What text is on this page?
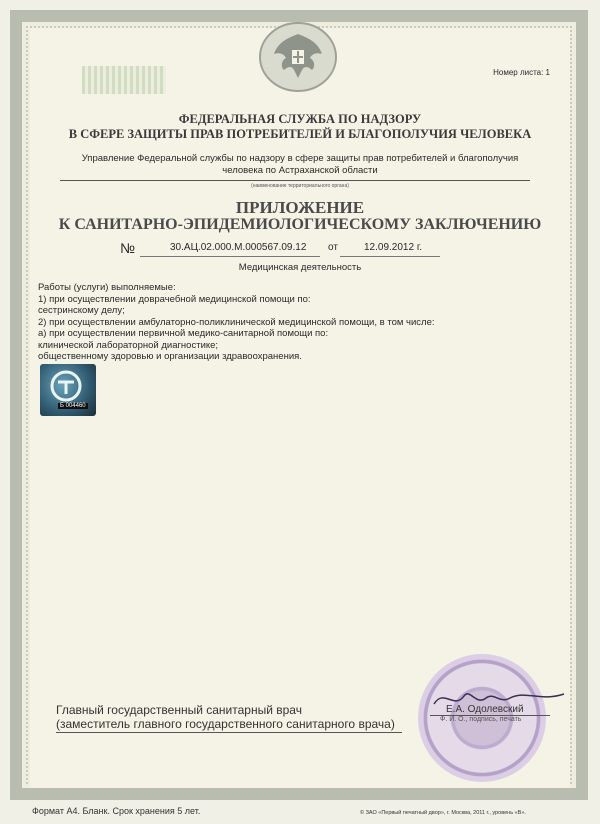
Номер листа: 1
ФЕДЕРАЛЬНАЯ СЛУЖБА ПО НАДЗОРУ
В СФЕРЕ ЗАЩИТЫ ПРАВ ПОТРЕБИТЕЛЕЙ И БЛАГОПОЛУЧИЯ ЧЕЛОВЕКА
Управление Федеральной службы по надзору в сфере защиты прав потребителей и благополучия
человека по Астраханской области
(наименование территориального органа)
ПРИЛОЖЕНИЕ
К САНИТАРНО-ЭПИДЕМИОЛОГИЧЕСКОМУ ЗАКЛЮЧЕНИЮ
№	30.АЦ.02.000.М.000567.09.12 от	12.09.2012 г.
Медицинская деятельность
Работы (услуги) выполняемые:
1) при осуществлении доврачебной медицинской помощи по:
сестринскому делу;
2) при осуществлении амбулаторно-поликлинической медицинской помощи, в том числе:
а) при осуществлении первичной медико-санитарной помощи по:
клинической лабораторной диагностике;
общественному здоровью и организации здравоохранения.
Б 004460
Главный государственный санитарный врач
(заместитель главного государственного санитарного врача)
Е.А. Одолевский
Ф. И. О., подпись, печать
Формат А4. Бланк. Срок хранения 5 лет.	© ЗАО «Первый печатный двор», г. Москва, 2011 г., уровень «В».
